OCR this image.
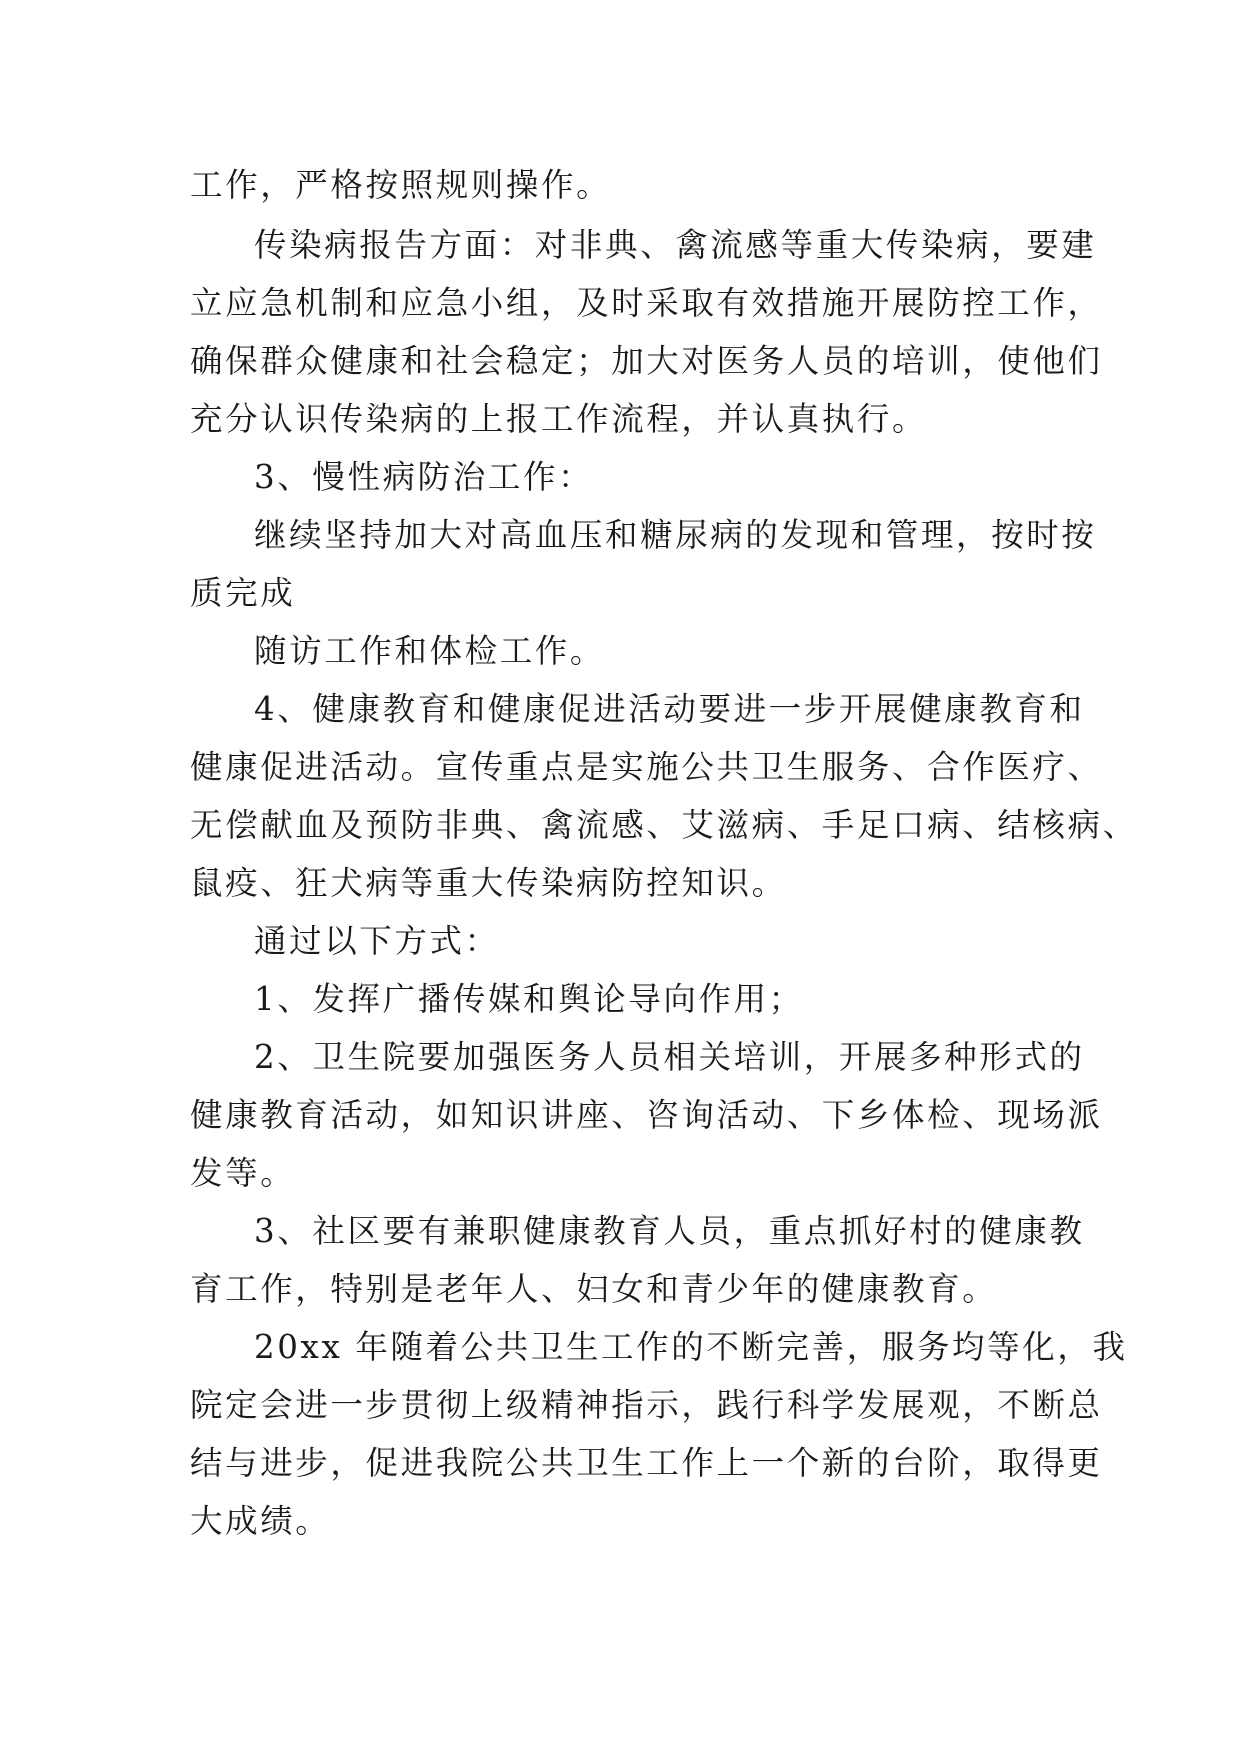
工作，严格按照规则操作。
传染病报告方面：对非典、禽流感等重大传染病，要建
立应急机制和应急小组，及时采取有效措施开展防控工作，
确保群众健康和社会稳定；加大对医务人员的培训，使他们
充分认识传染病的上报工作流程，并认真执行。
3、慢性病防治工作：
继续坚持加大对高血压和糖尿病的发现和管理，按时按
质完成
随访工作和体检工作。
4、健康教育和健康促进活动要进一步开展健康教育和
健康促进活动。宣传重点是实施公共卫生服务、合作医疗、
无偿献血及预防非典、禽流感、艾滋病、手足口病、结核病、
鼠疫、狂犬病等重大传染病防控知识。
通过以下方式：
1、发挥广播传媒和舆论导向作用；
2、卫生院要加强医务人员相关培训，开展多种形式的
健康教育活动，如知识讲座、咨询活动、下乡体检、现场派
发等。
3、社区要有兼职健康教育人员，重点抓好村的健康教
育工作，特别是老年人、妇女和青少年的健康教育。
20xx 年随着公共卫生工作的不断完善，服务均等化，我
院定会进一步贯彻上级精神指示，践行科学发展观，不断总
结与进步，促进我院公共卫生工作上一个新的台阶，取得更
大成绩。
